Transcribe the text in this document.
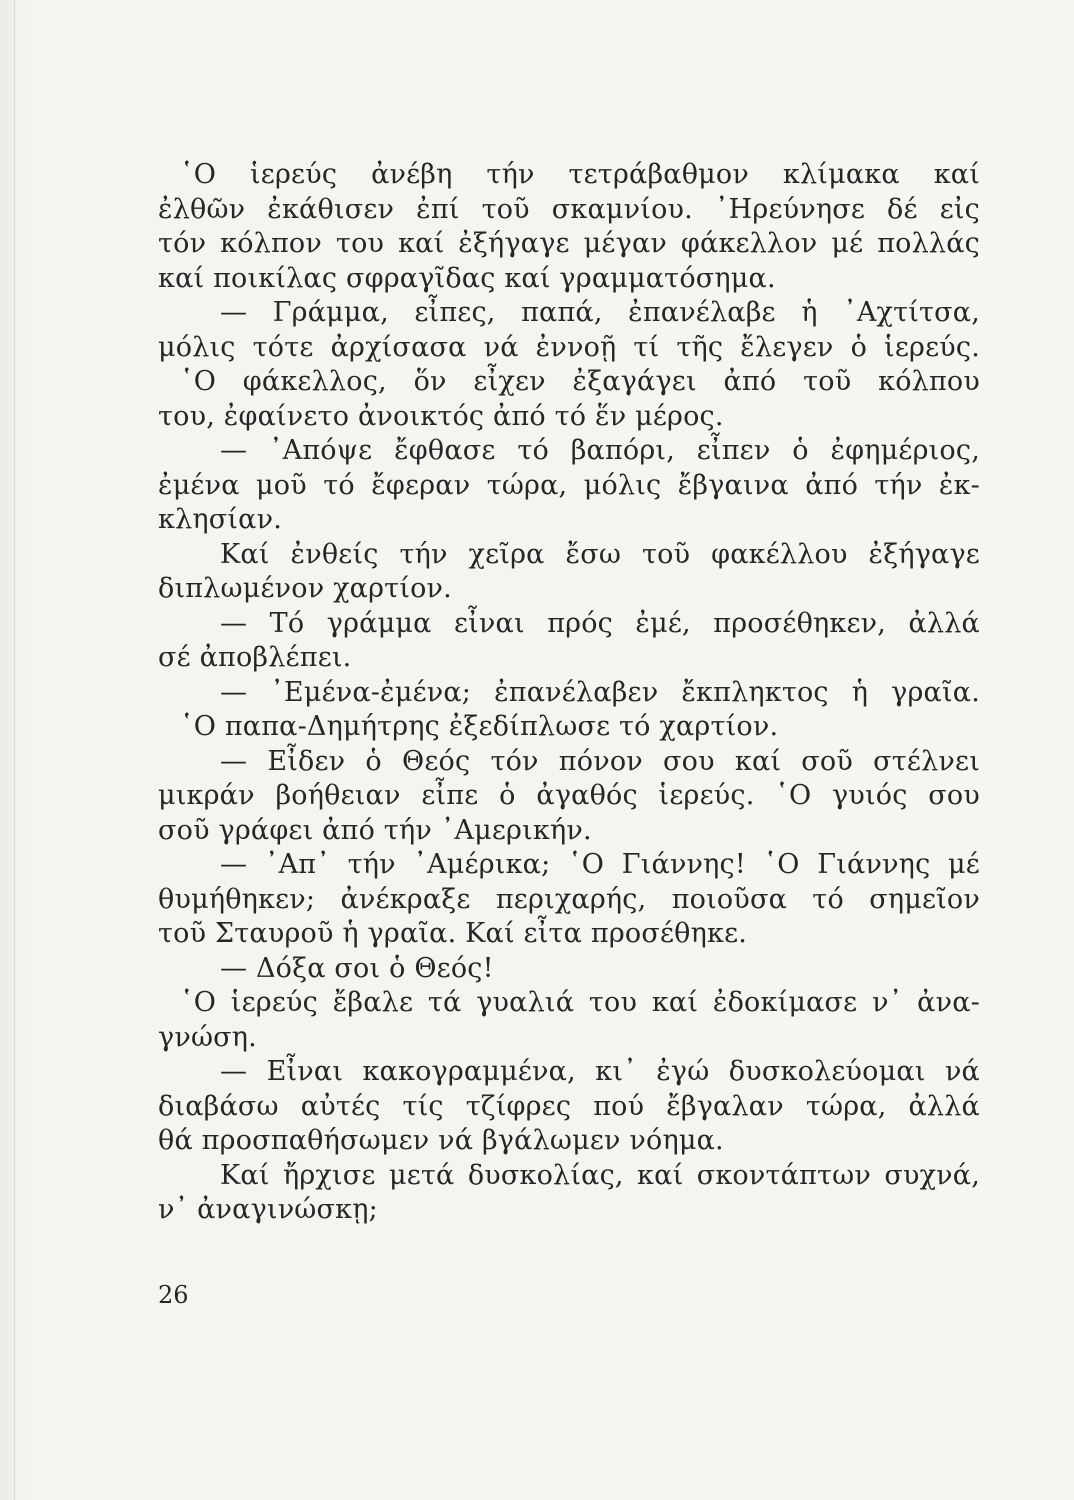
῾Ο ἱερεύς ἀνέβη τήν τετράβαθμον κλίμακα καί
ἐλθῶν ἐκάθισεν ἐπί τοῦ σκαμνίου. ᾿Ηρεύνησε δέ εἰς
τόν κόλπον του καί ἐξήγαγε μέγαν φάκελλον μέ πολλάς
καί ποικίλας σφραγῖδας καί γραμματόσημα.
— Γράμμα, εἶπες, παπά, ἐπανέλαβε ἡ ᾿Αχτίτσα,
μόλις τότε ἀρχίσασα νά ἐννοῇ τί τῆς ἔλεγεν ὁ ἱερεύς.
῾Ο φάκελλος, ὅν εἶχεν ἐξαγάγει ἀπό τοῦ κόλπου
του, ἐφαίνετο ἀνοικτός ἀπό τό ἕν μέρος.
— ᾿Απόψε ἔφθασε τό βαπόρι, εἶπεν ὁ ἐφημέριος,
ἐμένα μοῦ τό ἔφεραν τώρα, μόλις ἔβγαινα ἀπό τήν ἐκ-
κλησίαν.
Καί ἐνθείς τήν χεῖρα ἔσω τοῦ φακέλλου ἐξήγαγε
διπλωμένον χαρτίον.
— Τό γράμμα εἶναι πρός ἐμέ, προσέθηκεν, ἀλλά
σέ ἀποβλέπει.
— ᾿Εμένα-ἐμένα; ἐπανέλαβεν ἔκπληκτος ἡ γραῖα.
῾Ο παπα-Δημήτρης ἐξεδίπλωσε τό χαρτίον.
— Εἶδεν ὁ Θεός τόν πόνον σου καί σοῦ στέλνει
μικράν βοήθειαν εἶπε ὁ ἀγαθός ἱερεύς. ῾Ο γυιός σου
σοῦ γράφει ἀπό τήν ᾿Αμερικήν.
— ᾿Απ᾿ τήν ᾿Αμέρικα; ῾Ο Γιάννης! ῾Ο Γιάννης μέ
θυμήθηκεν; ἀνέκραξε περιχαρής, ποιοῦσα τό σημεῖον
τοῦ Σταυροῦ ἡ γραῖα. Καί εἶτα προσέθηκε.
— Δόξα σοι ὁ Θεός!
῾Ο ἱερεύς ἔβαλε τά γυαλιά του καί ἐδοκίμασε ν᾿ ἀνα-
γνώση.
— Εἶναι κακογραμμένα, κι᾿ ἐγώ δυσκολεύομαι νά
διαβάσω αὐτές τίς τζίφρες πού ἔβγαλαν τώρα, ἀλλά
θά προσπαθήσωμεν νά βγάλωμεν νόημα.
Καί ἤρχισε μετά δυσκολίας, καί σκοντάπτων συχνά,
ν᾿ ἀναγινώσκῃ;
26
